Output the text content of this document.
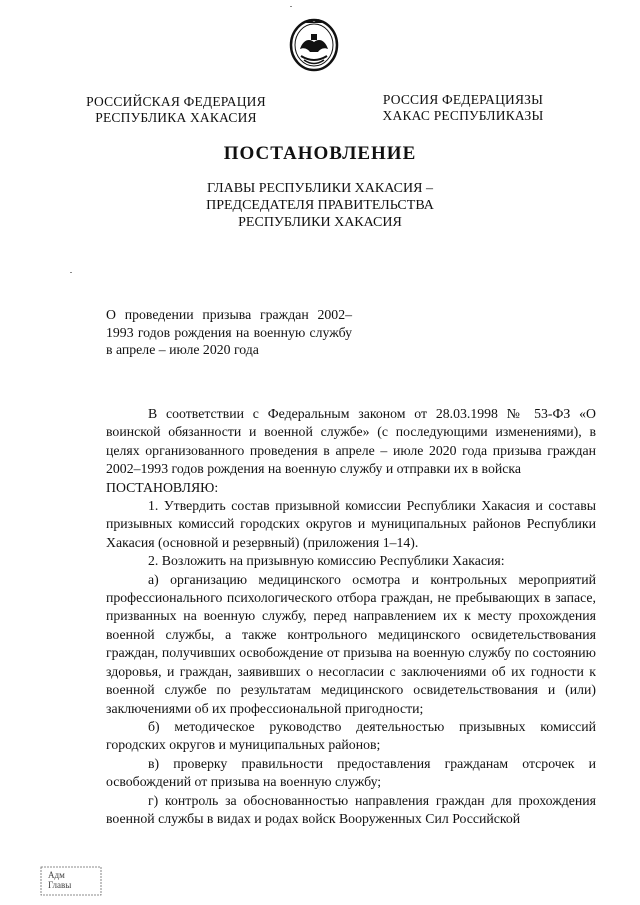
РОССИЙСКАЯ ФЕДЕРАЦИЯ
РЕСПУБЛИКА ХАКАСИЯ
РОССИЯ ФЕДЕРАЦИЯЗЫ
ХАКАС РЕСПУБЛИКАЗЫ
ПОСТАНОВЛЕНИЕ
ГЛАВЫ РЕСПУБЛИКИ ХАКАСИЯ –
ПРЕДСЕДАТЕЛЯ ПРАВИТЕЛЬСТВА
РЕСПУБЛИКИ ХАКАСИЯ
О проведении призыва граждан 2002–1993 годов рождения на военную службу в апреле – июле 2020 года

В соответствии с Федеральным законом от 28.03.1998 № 53-ФЗ «О воинской обязанности и военной службе» (с последующими изменениями), в целях организованного проведения в апреле – июле 2020 года призыва граждан 2002–1993 годов рождения на военную службу и отправки их в войска

ПОСТАНОВЛЯЮ:

1. Утвердить состав призывной комиссии Республики Хакасия и составы призывных комиссий городских округов и муниципальных районов Республики Хакасия (основной и резервный) (приложения 1–14).

2. Возложить на призывную комиссию Республики Хакасия:

а) организацию медицинского осмотра и контрольных мероприятий профессионального психологического отбора граждан, не пребывающих в запасе, призванных на военную службу, перед направлением их к месту прохождения военной службы, а также контрольного медицинского освидетельствования граждан, получивших освобождение от призыва на военную службу по состоянию здоровья, и граждан, заявивших о несогласии с заключениями об их годности к военной службе по результатам медицинского освидетельствования и (или) заключениями об их профессиональной пригодности;

б) методическое руководство деятельностью призывных комиссий городских округов и муниципальных районов;

в) проверку правильности предоставления гражданам отсрочек и освобождений от призыва на военную службу;

г) контроль за обоснованностью направления граждан для прохождения военной службы в видах и родах войск Вооруженных Сил Российской

Адм
Главы
